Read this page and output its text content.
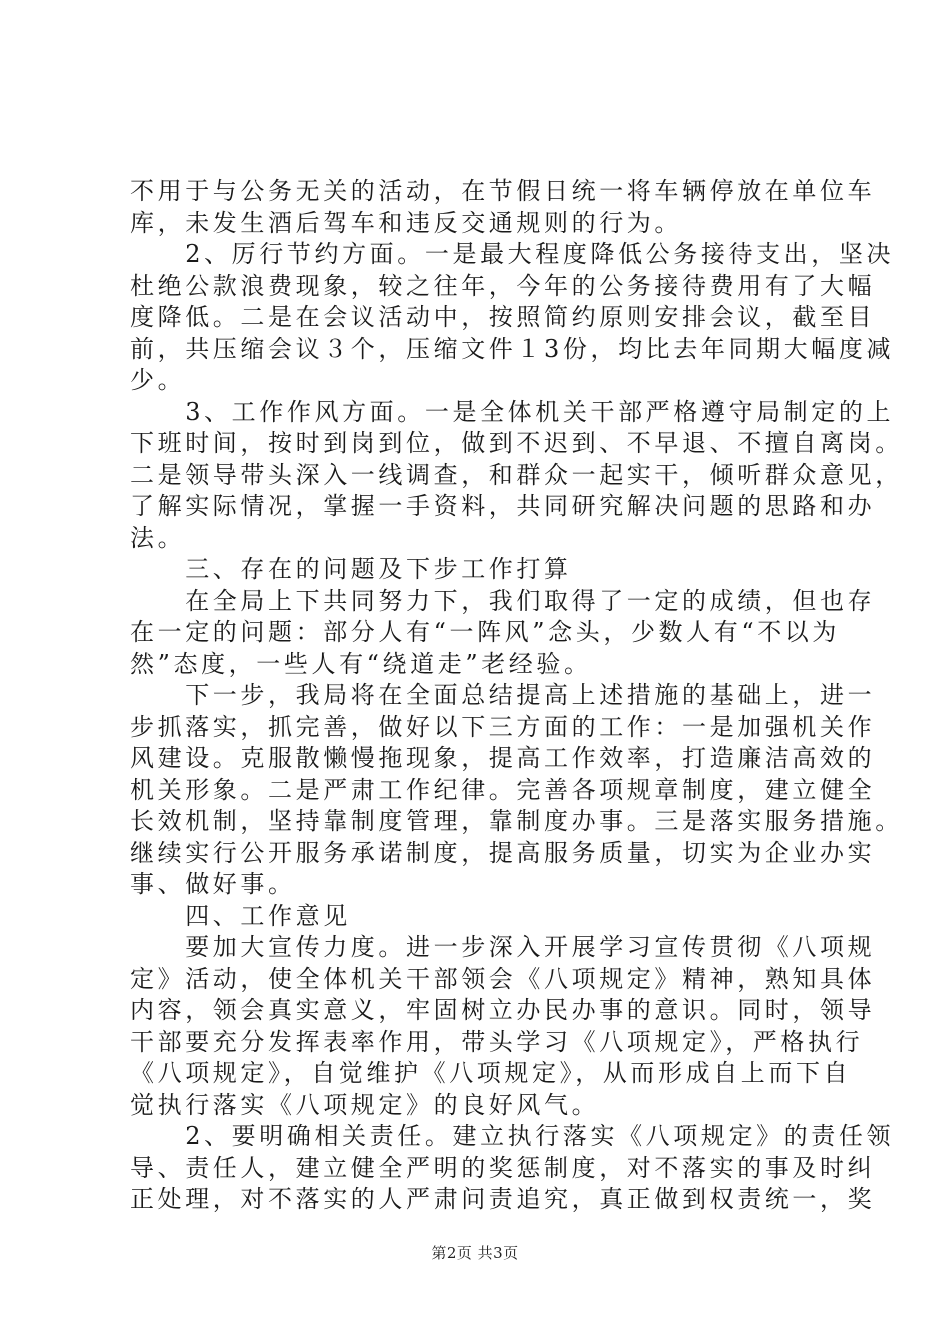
不用于与公务无关的活动，在节假日统一将车辆停放在单位车
库，未发生酒后驾车和违反交通规则的行为。
　　2、厉行节约方面。一是最大程度降低公务接待支出，坚决
杜绝公款浪费现象，较之往年，今年的公务接待费用有了大幅
度降低。二是在会议活动中，按照简约原则安排会议，截至目
前，共压缩会议３个，压缩文件１3份，均比去年同期大幅度减
少。
　　3、工作作风方面。一是全体机关干部严格遵守局制定的上
下班时间，按时到岗到位，做到不迟到、不早退、不擅自离岗。
二是领导带头深入一线调查，和群众一起实干，倾听群众意见，
了解实际情况，掌握一手资料，共同研究解决问题的思路和办
法。
　　三、存在的问题及下步工作打算
　　在全局上下共同努力下，我们取得了一定的成绩，但也存
在一定的问题：部分人有“一阵风”念头，少数人有“不以为
然”态度，一些人有“绕道走”老经验。
　　下一步，我局将在全面总结提高上述措施的基础上，进一
步抓落实，抓完善，做好以下三方面的工作：一是加强机关作
风建设。克服散懒慢拖现象，提高工作效率，打造廉洁高效的
机关形象。二是严肃工作纪律。完善各项规章制度，建立健全
长效机制，坚持靠制度管理，靠制度办事。三是落实服务措施。
继续实行公开服务承诺制度，提高服务质量，切实为企业办实
事、做好事。
　　四、工作意见
　　要加大宣传力度。进一步深入开展学习宣传贯彻《八项规
定》活动，使全体机关干部领会《八项规定》精神，熟知具体
内容，领会真实意义，牢固树立办民办事的意识。同时，领导
干部要充分发挥表率作用，带头学习《八项规定》，严格执行
《八项规定》，自觉维护《八项规定》，从而形成自上而下自
觉执行落实《八项规定》的良好风气。
　　2、要明确相关责任。建立执行落实《八项规定》的责任领
导、责任人，建立健全严明的奖惩制度，对不落实的事及时纠
正处理，对不落实的人严肃问责追究，真正做到权责统一，奖
第2页 共3页
